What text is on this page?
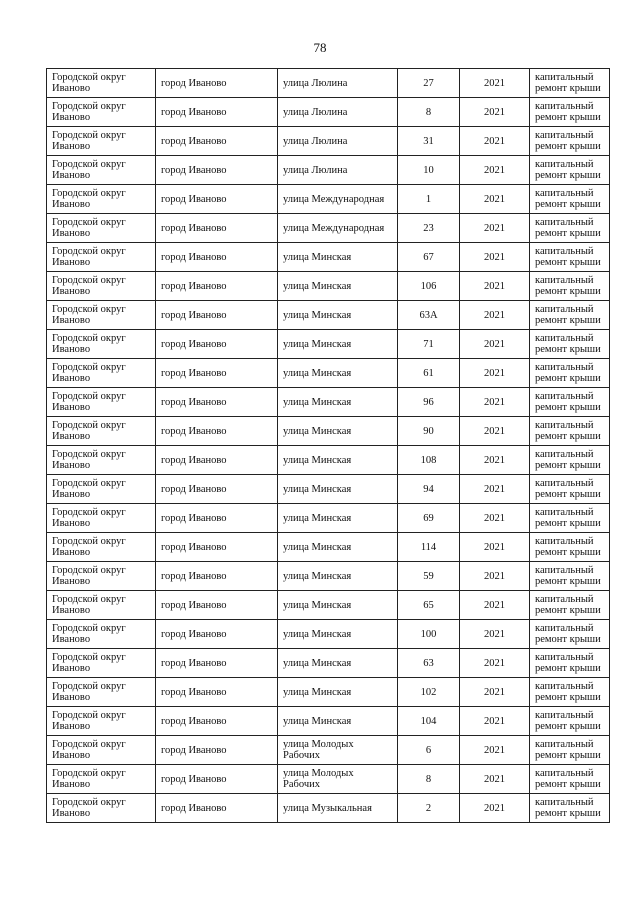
78
Городской округ Иваново	город Иваново	улица Люлина	27	2021	капитальный ремонт крыши
Городской округ Иваново	город Иваново	улица Люлина	8	2021	капитальный ремонт крыши
Городской округ Иваново	город Иваново	улица Люлина	31	2021	капитальный ремонт крыши
Городской округ Иваново	город Иваново	улица Люлина	10	2021	капитальный ремонт крыши
Городской округ Иваново	город Иваново	улица Международная	1	2021	капитальный ремонт крыши
Городской округ Иваново	город Иваново	улица Международная	23	2021	капитальный ремонт крыши
Городской округ Иваново	город Иваново	улица Минская	67	2021	капитальный ремонт крыши
Городской округ Иваново	город Иваново	улица Минская	106	2021	капитальный ремонт крыши
Городской округ Иваново	город Иваново	улица Минская	63А	2021	капитальный ремонт крыши
Городской округ Иваново	город Иваново	улица Минская	71	2021	капитальный ремонт крыши
Городской округ Иваново	город Иваново	улица Минская	61	2021	капитальный ремонт крыши
Городской округ Иваново	город Иваново	улица Минская	96	2021	капитальный ремонт крыши
Городской округ Иваново	город Иваново	улица Минская	90	2021	капитальный ремонт крыши
Городской округ Иваново	город Иваново	улица Минская	108	2021	капитальный ремонт крыши
Городской округ Иваново	город Иваново	улица Минская	94	2021	капитальный ремонт крыши
Городской округ Иваново	город Иваново	улица Минская	69	2021	капитальный ремонт крыши
Городской округ Иваново	город Иваново	улица Минская	114	2021	капитальный ремонт крыши
Городской округ Иваново	город Иваново	улица Минская	59	2021	капитальный ремонт крыши
Городской округ Иваново	город Иваново	улица Минская	65	2021	капитальный ремонт крыши
Городской округ Иваново	город Иваново	улица Минская	100	2021	капитальный ремонт крыши
Городской округ Иваново	город Иваново	улица Минская	63	2021	капитальный ремонт крыши
Городской округ Иваново	город Иваново	улица Минская	102	2021	капитальный ремонт крыши
Городской округ Иваново	город Иваново	улица Минская	104	2021	капитальный ремонт крыши
Городской округ Иваново	город Иваново	улица Молодых Рабочих	6	2021	капитальный ремонт крыши
Городской округ Иваново	город Иваново	улица Молодых Рабочих	8	2021	капитальный ремонт крыши
Городской округ Иваново	город Иваново	улица Музыкальная	2	2021	капитальный ремонт крыши
